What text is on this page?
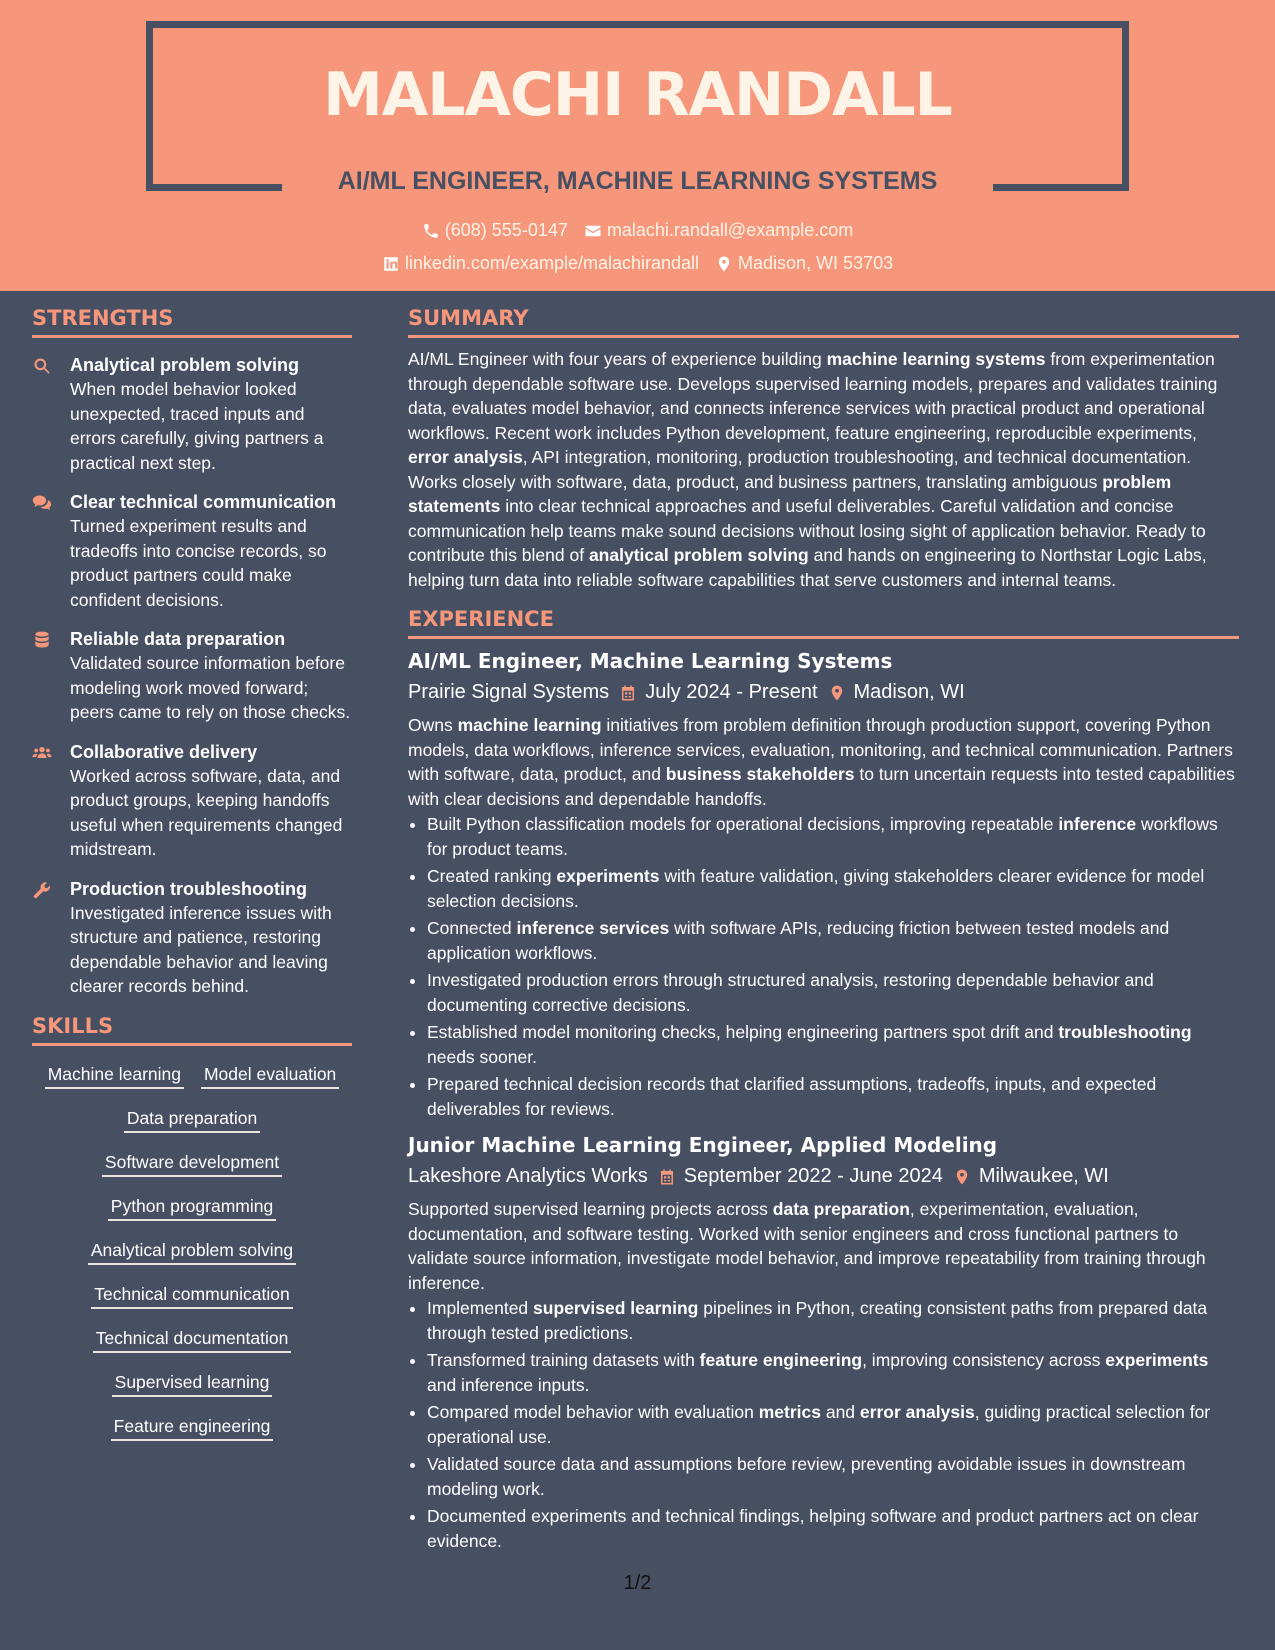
MALACHI RANDALL
AI/ML ENGINEER, MACHINE LEARNING SYSTEMS
(608) 555-0147 malachi.randall@example.com
linkedin.com/example/malachirandall Madison, WI 53703
STRENGTHS
Analytical problem solving
When model behavior looked unexpected, traced inputs and errors carefully, giving partners a practical next step.
Clear technical communication
Turned experiment results and tradeoffs into concise records, so product partners could make confident decisions.
Reliable data preparation
Validated source information before modeling work moved forward; peers came to rely on those checks.
Collaborative delivery
Worked across software, data, and product groups, keeping handoffs useful when requirements changed midstream.
Production troubleshooting
Investigated inference issues with structure and patience, restoring dependable behavior and leaving clearer records behind.
SKILLS
Machine learning Model evaluation
Data preparation
Software development
Python programming
Analytical problem solving
Technical communication
Technical documentation
Supervised learning
Feature engineering
SUMMARY
AI/ML Engineer with four years of experience building machine learning systems from experimentation through dependable software use. Develops supervised learning models, prepares and validates training data, evaluates model behavior, and connects inference services with practical product and operational workflows. Recent work includes Python development, feature engineering, reproducible experiments, error analysis, API integration, monitoring, production troubleshooting, and technical documentation. Works closely with software, data, product, and business partners, translating ambiguous problem statements into clear technical approaches and useful deliverables. Careful validation and concise communication help teams make sound decisions without losing sight of application behavior. Ready to contribute this blend of analytical problem solving and hands on engineering to Northstar Logic Labs, helping turn data into reliable software capabilities that serve customers and internal teams.
EXPERIENCE
AI/ML Engineer, Machine Learning Systems
Prairie Signal Systems July 2024 - Present Madison, WI
Owns machine learning initiatives from problem definition through production support, covering Python models, data workflows, inference services, evaluation, monitoring, and technical communication. Partners with software, data, product, and business stakeholders to turn uncertain requests into tested capabilities with clear decisions and dependable handoffs.
• Built Python classification models for operational decisions, improving repeatable inference workflows for product teams.
• Created ranking experiments with feature validation, giving stakeholders clearer evidence for model selection decisions.
• Connected inference services with software APIs, reducing friction between tested models and application workflows.
• Investigated production errors through structured analysis, restoring dependable behavior and documenting corrective decisions.
• Established model monitoring checks, helping engineering partners spot drift and troubleshooting needs sooner.
• Prepared technical decision records that clarified assumptions, tradeoffs, inputs, and expected deliverables for reviews.
Junior Machine Learning Engineer, Applied Modeling
Lakeshore Analytics Works September 2022 - June 2024 Milwaukee, WI
Supported supervised learning projects across data preparation, experimentation, evaluation, documentation, and software testing. Worked with senior engineers and cross functional partners to validate source information, investigate model behavior, and improve repeatability from training through inference.
• Implemented supervised learning pipelines in Python, creating consistent paths from prepared data through tested predictions.
• Transformed training datasets with feature engineering, improving consistency across experiments and inference inputs.
• Compared model behavior with evaluation metrics and error analysis, guiding practical selection for operational use.
• Validated source data and assumptions before review, preventing avoidable issues in downstream modeling work.
• Documented experiments and technical findings, helping software and product partners act on clear evidence.
1/2
